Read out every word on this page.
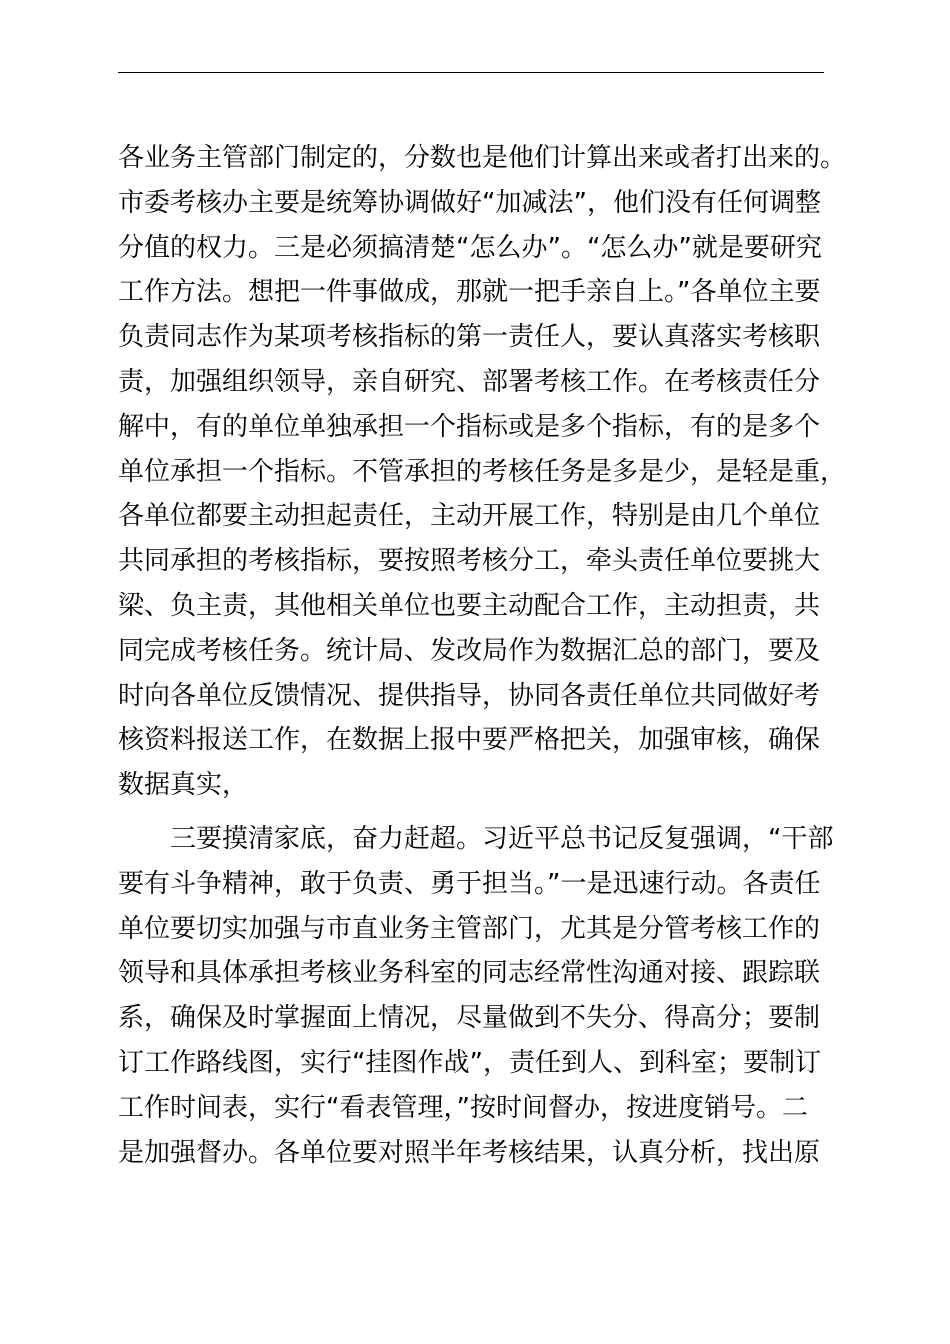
各业务主管部门制定的，分数也是他们计算出来或者打出来的。
市委考核办主要是统筹协调做好“加减法”，他们没有任何调整
分值的权力。三是必须搞清楚“怎么办”。“怎么办”就是要研究
工作方法。想把一件事做成，那就一把手亲自上。”各单位主要
负责同志作为某项考核指标的第一责任人，要认真落实考核职
责，加强组织领导，亲自研究、部署考核工作。在考核责任分
解中，有的单位单独承担一个指标或是多个指标，有的是多个
单位承担一个指标。不管承担的考核任务是多是少，是轻是重，
各单位都要主动担起责任，主动开展工作，特别是由几个单位
共同承担的考核指标，要按照考核分工，牵头责任单位要挑大
梁、负主责，其他相关单位也要主动配合工作，主动担责，共
同完成考核任务。统计局、发改局作为数据汇总的部门，要及
时向各单位反馈情况、提供指导，协同各责任单位共同做好考
核资料报送工作，在数据上报中要严格把关，加强审核，确保
数据真实，
三要摸清家底，奋力赶超。习近平总书记反复强调，“干部
要有斗争精神，敢于负责、勇于担当。”一是迅速行动。各责任
单位要切实加强与市直业务主管部门，尤其是分管考核工作的
领导和具体承担考核业务科室的同志经常性沟通对接、跟踪联
系，确保及时掌握面上情况，尽量做到不失分、得高分；要制
订工作路线图，实行“挂图作战”，责任到人、到科室；要制订
工作时间表，实行“看表管理，”按时间督办，按进度销号。二
是加强督办。各单位要对照半年考核结果，认真分析，找出原
